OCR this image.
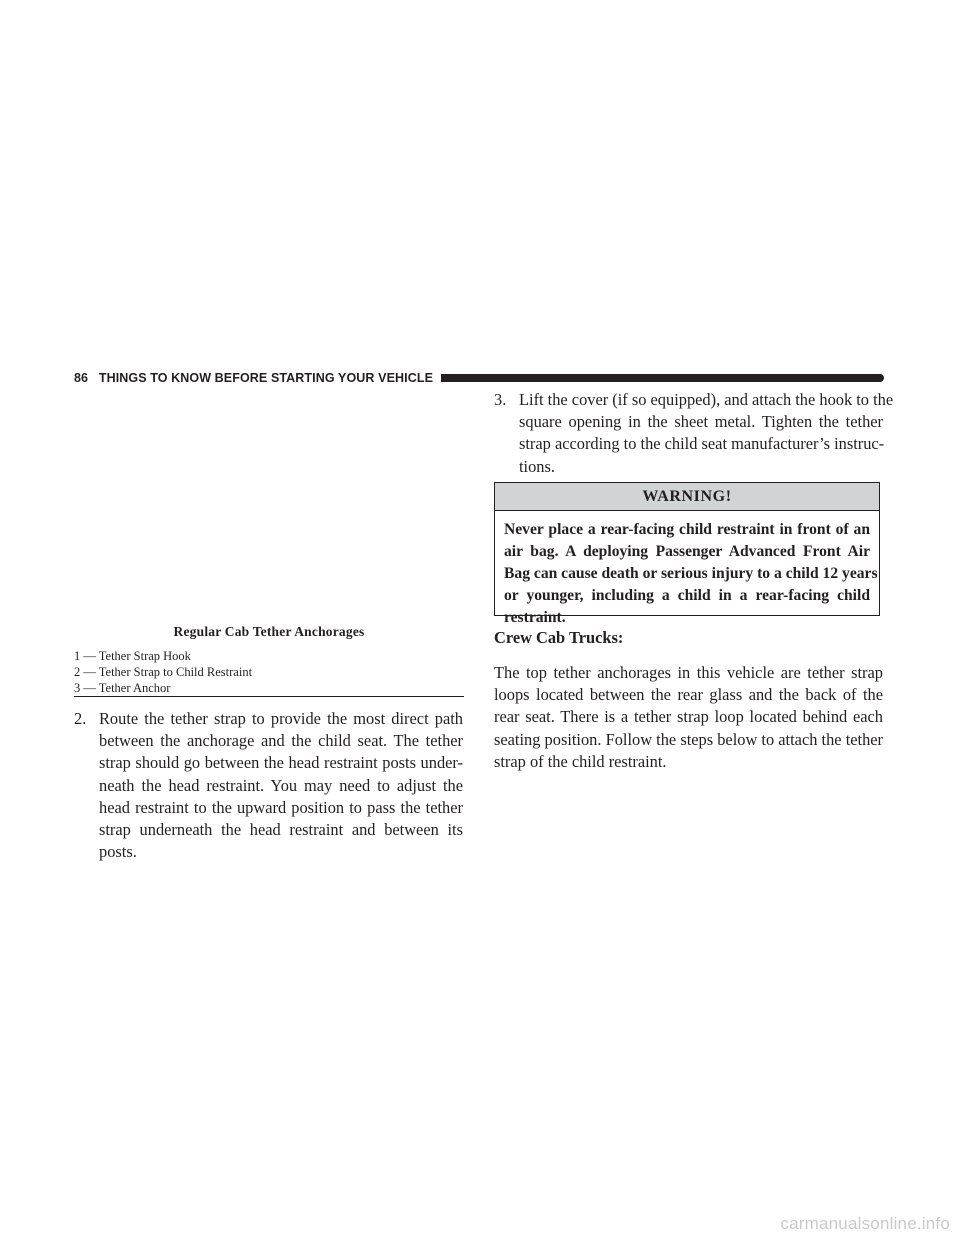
86 THINGS TO KNOW BEFORE STARTING YOUR VEHICLE
Regular Cab Tether Anchorages
1 — Tether Strap Hook
2 — Tether Strap to Child Restraint
3 — Tether Anchor
2. Route the tether strap to provide the most direct path
between the anchorage and the child seat. The tether
strap should go between the head restraint posts under-
neath the head restraint. You may need to adjust the
head restraint to the upward position to pass the tether
strap underneath the head restraint and between its
posts.
3. Lift the cover (if so equipped), and attach the hook to the
square opening in the sheet metal. Tighten the tether
strap according to the child seat manufacturer’s instruc-
tions.
WARNING!
Never place a rear-facing child restraint in front of an
air bag. A deploying Passenger Advanced Front Air
Bag can cause death or serious injury to a child 12 years
or younger, including a child in a rear-facing child
restraint.
Crew Cab Trucks:
The top tether anchorages in this vehicle are tether strap
loops located between the rear glass and the back of the
rear seat. There is a tether strap loop located behind each
seating position. Follow the steps below to attach the tether
strap of the child restraint.
carmanualsonline.info
